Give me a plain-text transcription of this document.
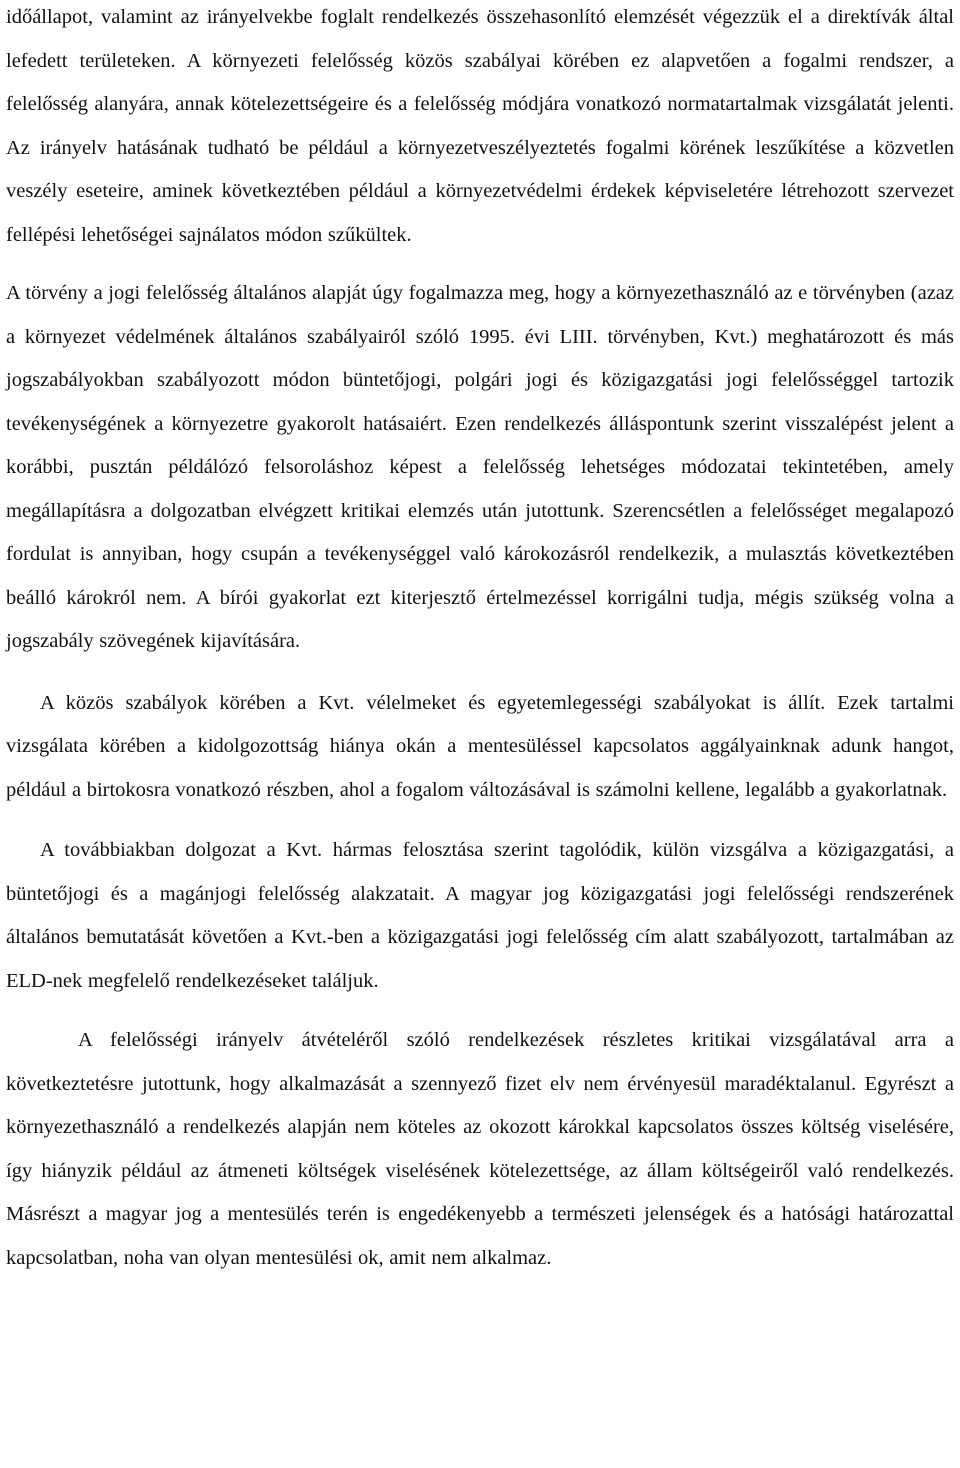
időállapot, valamint az irányelvekbe foglalt rendelkezés összehasonlító elemzését végezzük el a direktívák által lefedett területeken. A környezeti felelősség közös szabályai körében ez alapvetően a fogalmi rendszer, a felelősség alanyára, annak kötelezettségeire és a felelősség módjára vonatkozó normatartalmak vizsgálatát jelenti. Az irányelv hatásának tudható be például a környezetveszélyeztetés fogalmi körének leszűkítése a közvetlen veszély eseteire, aminek következtében például a környezetvédelmi érdekek képviseletére létrehozott szervezet fellépési lehetőségei sajnálatos módon szűkültek.

A törvény a jogi felelősség általános alapját úgy fogalmazza meg, hogy a környezethasználó az e törvényben (azaz a környezet védelmének általános szabályairól szóló 1995. évi LIII. törvényben, Kvt.) meghatározott és más jogszabályokban szabályozott módon büntetőjogi, polgári jogi és közigazgatási jogi felelősséggel tartozik tevékenységének a környezetre gyakorolt hatásaiért. Ezen rendelkezés álláspontunk szerint visszalépést jelent a korábbi, pusztán példálózó felsoroláshoz képest a felelősség lehetséges módozatai tekintetében, amely megállapításra a dolgozatban elvégzett kritikai elemzés után jutottunk. Szerencsétlen a felelősséget megalapozó fordulat is annyiban, hogy csupán a tevékenységgel való károkozásról rendelkezik, a mulasztás következtében beálló károkról nem. A bírói gyakorlat ezt kiterjesztő értelmezéssel korrigálni tudja, mégis szükség volna a jogszabály szövegének kijavítására.

A közös szabályok körében a Kvt. vélelmeket és egyetemlegességi szabályokat is állít. Ezek tartalmi vizsgálata körében a kidolgozottság hiánya okán a mentesüléssel kapcsolatos aggályainknak adunk hangot, például a birtokosra vonatkozó részben, ahol a fogalom változásával is számolni kellene, legalább a gyakorlatnak.

A továbbiakban dolgozat a Kvt. hármas felosztása szerint tagolódik, külön vizsgálva a közigazgatási, a büntetőjogi és a magánjogi felelősség alakzatait. A magyar jog közigazgatási jogi felelősségi rendszerének általános bemutatását követően a Kvt.-ben a közigazgatási jogi felelősség cím alatt szabályozott, tartalmában az ELD-nek megfelelő rendelkezéseket találjuk.

A felelősségi irányelv átvételéről szóló rendelkezések részletes kritikai vizsgálatával arra a következtetésre jutottunk, hogy alkalmazását a szennyező fizet elv nem érvényesül maradéktalanul. Egyrészt a környezethasználó a rendelkezés alapján nem köteles az okozott károkkal kapcsolatos összes költség viselésére, így hiányzik például az átmeneti költségek viselésének kötelezettsége, az állam költségeiről való rendelkezés. Másrészt a magyar jog a mentesülés terén is engedékenyebb a természeti jelenségek és a hatósági határozattal kapcsolatban, noha van olyan mentesülési ok, amit nem alkalmaz.
